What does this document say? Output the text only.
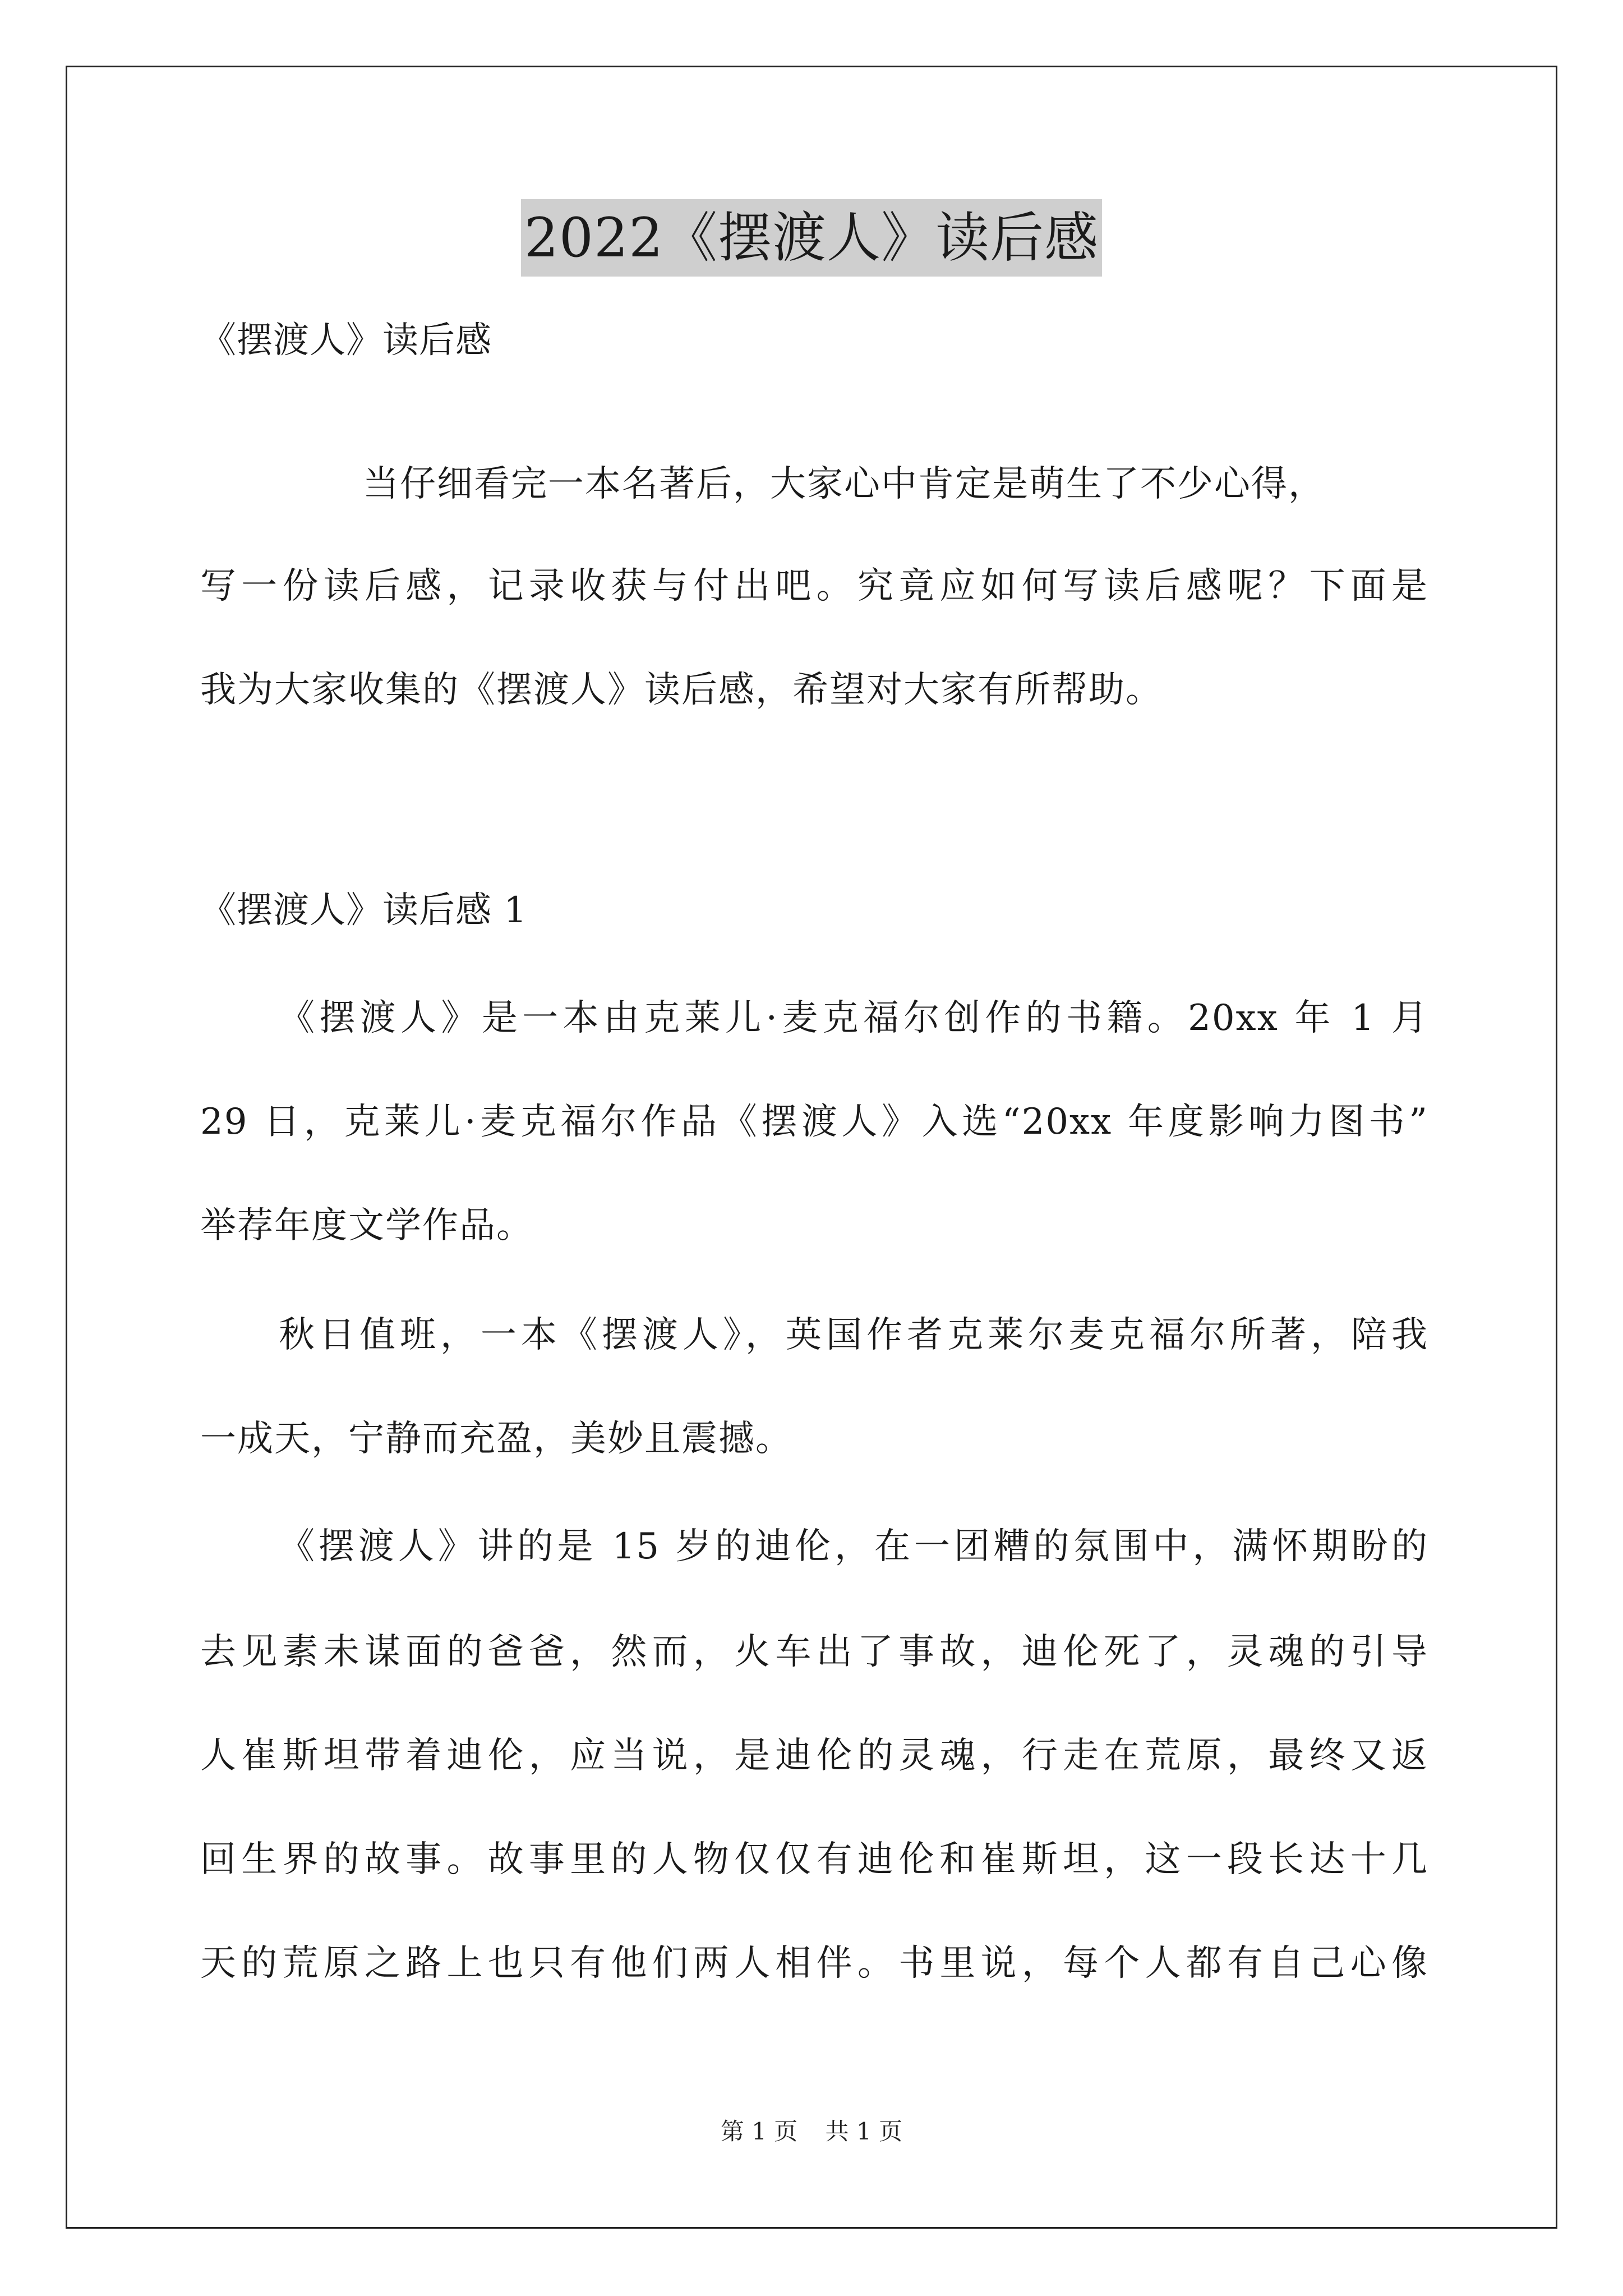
2022《摆渡人》读后感
《摆渡人》读后感
当仔细看完一本名著后，大家心中肯定是萌生了不少心得，
写一份读后感，记录收获与付出吧。究竟应如何写读后感呢？下面是
我为大家收集的《摆渡人》读后感，希望对大家有所帮助。
《摆渡人》读后感 1
《摆渡人》是一本由克莱儿·麦克福尔创作的书籍。20xx 年 1 月
29 日，克莱儿·麦克福尔作品《摆渡人》入选“20xx 年度影响力图书”
举荐年度文学作品。
秋日值班，一本《摆渡人》，英国作者克莱尔麦克福尔所著，陪我
一成天，宁静而充盈，美妙且震撼。
《摆渡人》讲的是 15 岁的迪伦，在一团糟的氛围中，满怀期盼的
去见素未谋面的爸爸，然而，火车出了事故，迪伦死了，灵魂的引导
人崔斯坦带着迪伦，应当说，是迪伦的灵魂，行走在荒原，最终又返
回生界的故事。故事里的人物仅仅有迪伦和崔斯坦，这一段长达十几
天的荒原之路上也只有他们两人相伴。书里说，每个人都有自己心像
第 1 页 共 1 页
